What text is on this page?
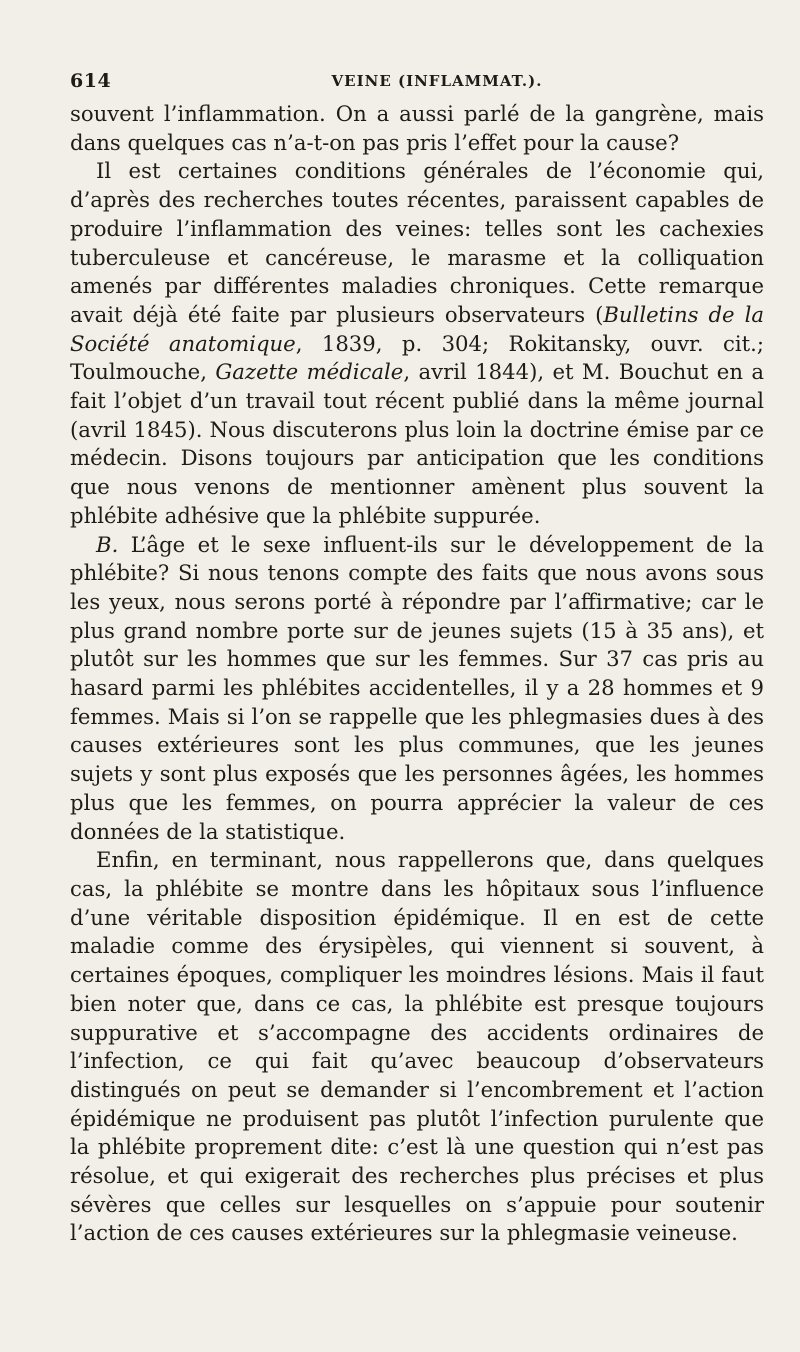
614	VEINE (INFLAMMAT.).

souvent l’inflammation. On a aussi parlé de la gangrène, mais dans quelques cas n’a-t-on pas pris l’effet pour la cause?

Il est certaines conditions générales de l’économie qui, d’après des recherches toutes récentes, paraissent capables de produire l’inflammation des veines: telles sont les cachexies tuberculeuse et cancéreuse, le marasme et la colliquation amenés par différentes maladies chroniques. Cette remarque avait déjà été faite par plusieurs observateurs (Bulletins de la Société anatomique, 1839, p. 304; Rokitansky, ouvr. cit.; Toulmouche, Gazette médicale, avril 1844), et M. Bouchut en a fait l’objet d’un travail tout récent publié dans la même journal (avril 1845). Nous discuterons plus loin la doctrine émise par ce médecin. Disons toujours par anticipation que les conditions que nous venons de mentionner amènent plus souvent la phlébite adhésive que la phlébite suppurée.

B. L’âge et le sexe influent-ils sur le développement de la phlébite? Si nous tenons compte des faits que nous avons sous les yeux, nous serons porté à répondre par l’affirmative; car le plus grand nombre porte sur de jeunes sujets (15 à 35 ans), et plutôt sur les hommes que sur les femmes. Sur 37 cas pris au hasard parmi les phlébites accidentelles, il y a 28 hommes et 9 femmes. Mais si l’on se rappelle que les phlegmasies dues à des causes extérieures sont les plus communes, que les jeunes sujets y sont plus exposés que les personnes âgées, les hommes plus que les femmes, on pourra apprécier la valeur de ces données de la statistique.

Enfin, en terminant, nous rappellerons que, dans quelques cas, la phlébite se montre dans les hôpitaux sous l’influence d’une véritable disposition épidémique. Il en est de cette maladie comme des érysipèles, qui viennent si souvent, à certaines époques, compliquer les moindres lésions. Mais il faut bien noter que, dans ce cas, la phlébite est presque toujours suppurative et s’accompagne des accidents ordinaires de l’infection, ce qui fait qu’avec beaucoup d’observateurs distingués on peut se demander si l’encombrement et l’action épidémique ne produisent pas plutôt l’infection purulente que la phlébite proprement dite: c’est là une question qui n’est pas résolue, et qui exigerait des recherches plus précises et plus sévères que celles sur lesquelles on s’appuie pour soutenir l’action de ces causes extérieures sur la phlegmasie veineuse.
